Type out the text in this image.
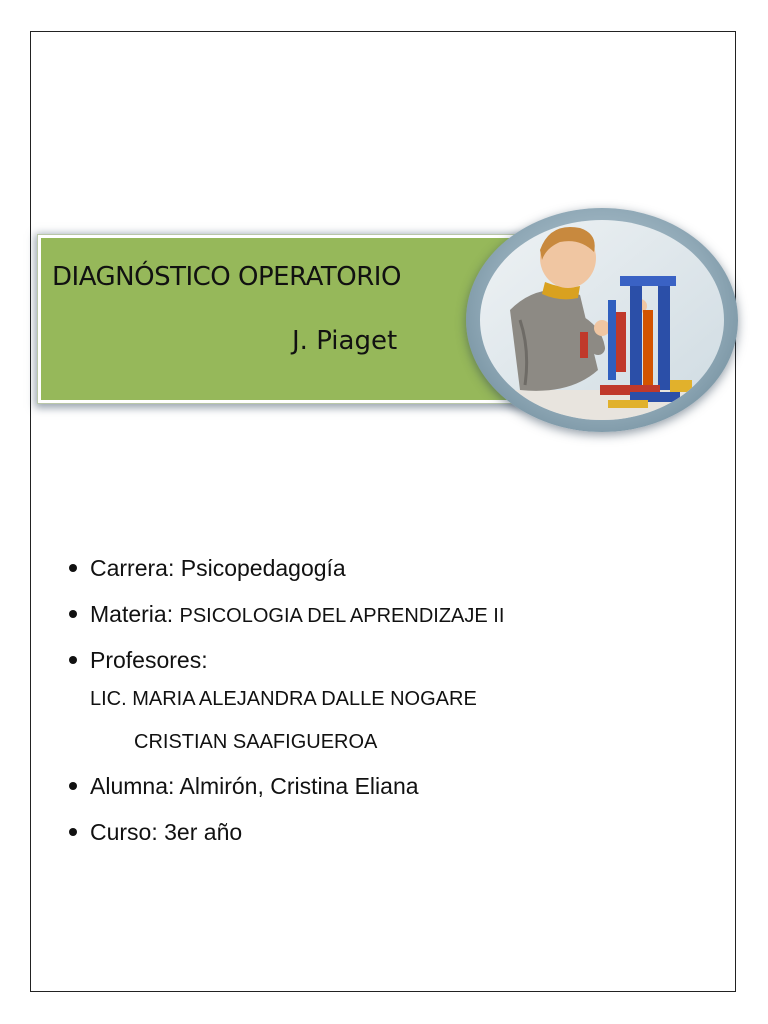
DIAGNÓSTICO OPERATORIO
J. Piaget
Carrera: Psicopedagogía
Materia: PSICOLOGIA DEL APRENDIZAJE II
Profesores:
LIC. MARIA ALEJANDRA DALLE NOGARE
CRISTIAN SAAFIGUEROA
Alumna: Almirón, Cristina Eliana
Curso: 3er año
